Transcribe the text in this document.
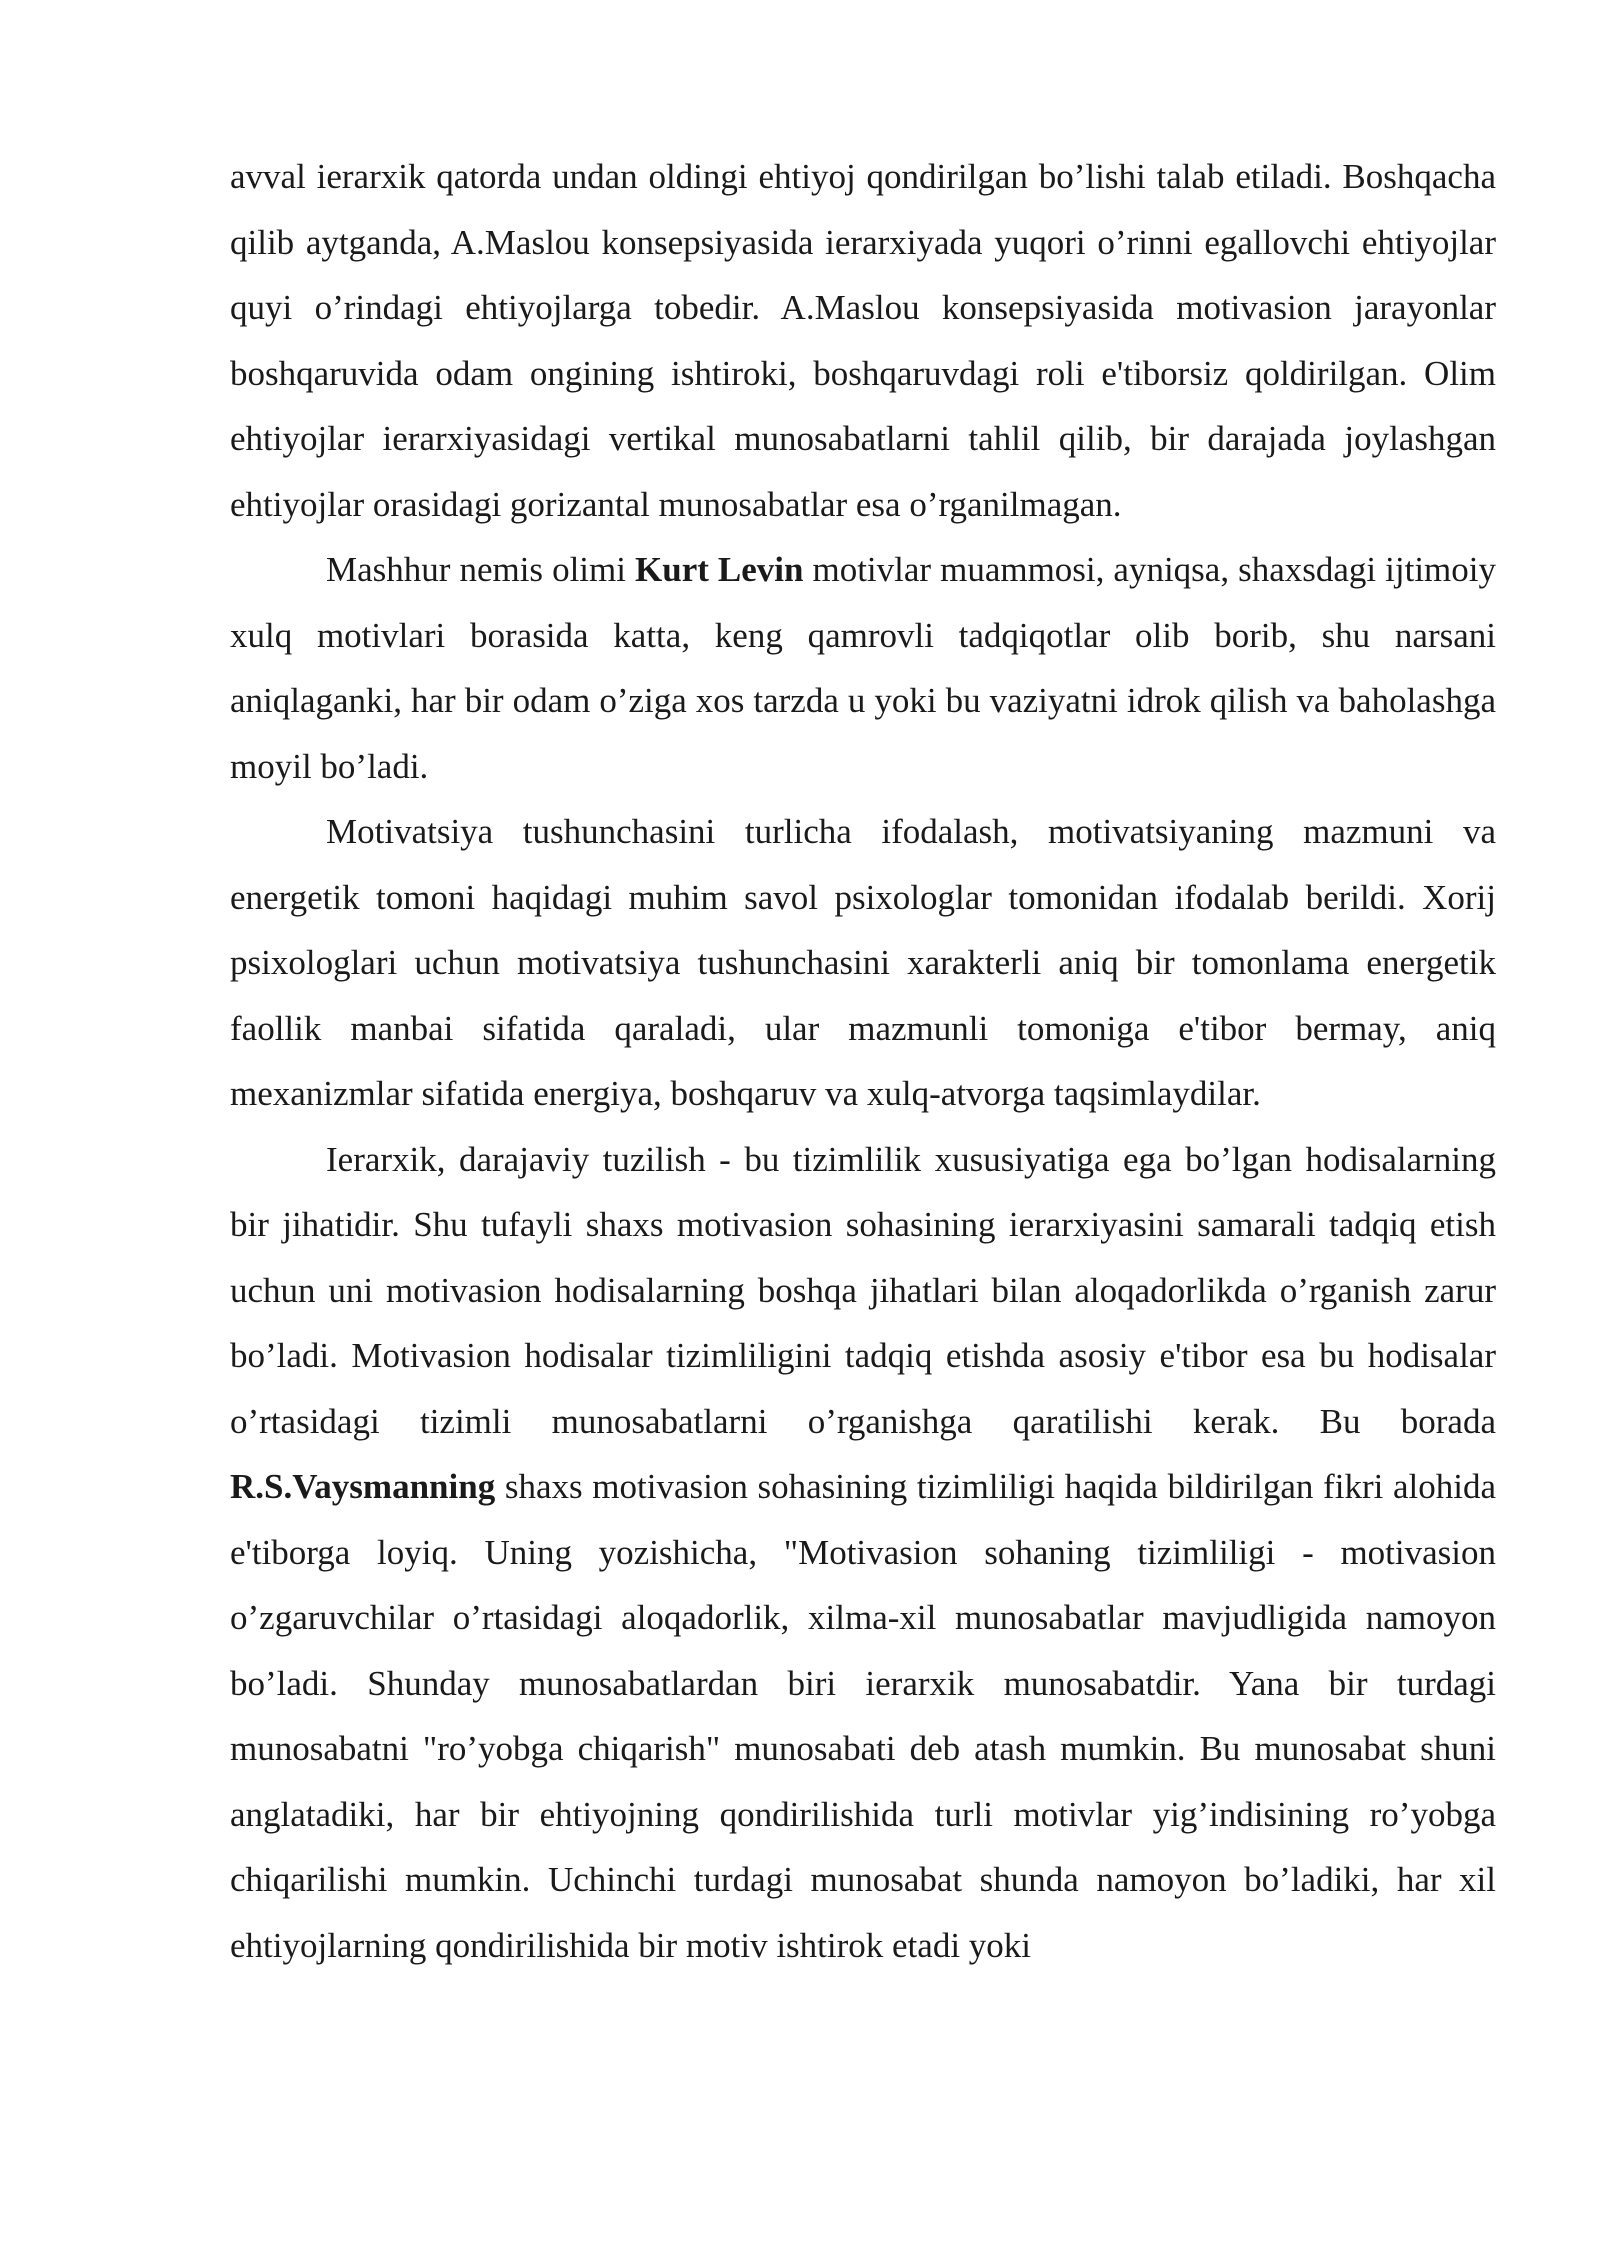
avval ierarxik qatorda undan oldingi ehtiyoj qondirilgan bo’lishi talab etiladi. Boshqacha qilib aytganda, A.Maslou konsepsiyasida ierarxiyada yuqori o’rinni egallovchi ehtiyojlar quyi o’rindagi ehtiyojlarga tobedir. A.Maslou konsepsiyasida motivasion jarayonlar boshqaruvida odam ongining ishtiroki, boshqaruvdagi roli e'tiborsiz qoldirilgan. Olim ehtiyojlar ierarxiyasidagi vertikal munosabatlarni tahlil qilib, bir darajada joylashgan ehtiyojlar orasidagi gorizantal munosabatlar esa o’rganilmagan.

Mashhur nemis olimi Kurt Levin motivlar muammosi, ayniqsa, shaxsdagi ijtimoiy xulq motivlari borasida katta, keng qamrovli tadqiqotlar olib borib, shu narsani aniqlaganki, har bir odam o’ziga xos tarzda u yoki bu vaziyatni idrok qilish va baholashga moyil bo’ladi.

Motivatsiya tushunchasini turlicha ifodalash, motivatsiyaning mazmuni va energetik tomoni haqidagi muhim savol psixologlar tomonidan ifodalab berildi. Xorij psixologlari uchun motivatsiya tushunchasini xarakterli aniq bir tomonlama energetik faollik manbai sifatida qaraladi, ular mazmunli tomoniga e'tibor bermay, aniq mexanizmlar sifatida energiya, boshqaruv va xulq-atvorga taqsimlaydilar.

Ierarxik, darajaviy tuzilish - bu tizimlilik xususiyatiga ega bo’lgan hodisalarning bir jihatidir. Shu tufayli shaxs motivasion sohasining ierarxiyasini samarali tadqiq etish uchun uni motivasion hodisalarning boshqa jihatlari bilan aloqadorlikda o’rganish zarur bo’ladi. Motivasion hodisalar tizimliligini tadqiq etishda asosiy e'tibor esa bu hodisalar o’rtasidagi tizimli munosabatlarni o’rganishga qaratilishi kerak. Bu borada R.S.Vaysmanning shaxs motivasion sohasining tizimliligi haqida bildirilgan fikri alohida e'tiborga loyiq. Uning yozishicha, "Motivasion sohaning tizimliligi - motivasion o’zgaruvchilar o’rtasidagi aloqadorlik, xilma-xil munosabatlar mavjudligida namoyon bo’ladi. Shunday munosabatlardan biri ierarxik munosabatdir. Yana bir turdagi munosabatni "ro’yobga chiqarish" munosabati deb atash mumkin. Bu munosabat shuni anglatadiki, har bir ehtiyojning qondirilishida turli motivlar yig’indisining ro’yobga chiqarilishi mumkin. Uchinchi turdagi munosabat shunda namoyon bo’ladiki, har xil ehtiyojlarning qondirilishida bir motiv ishtirok etadi yoki
